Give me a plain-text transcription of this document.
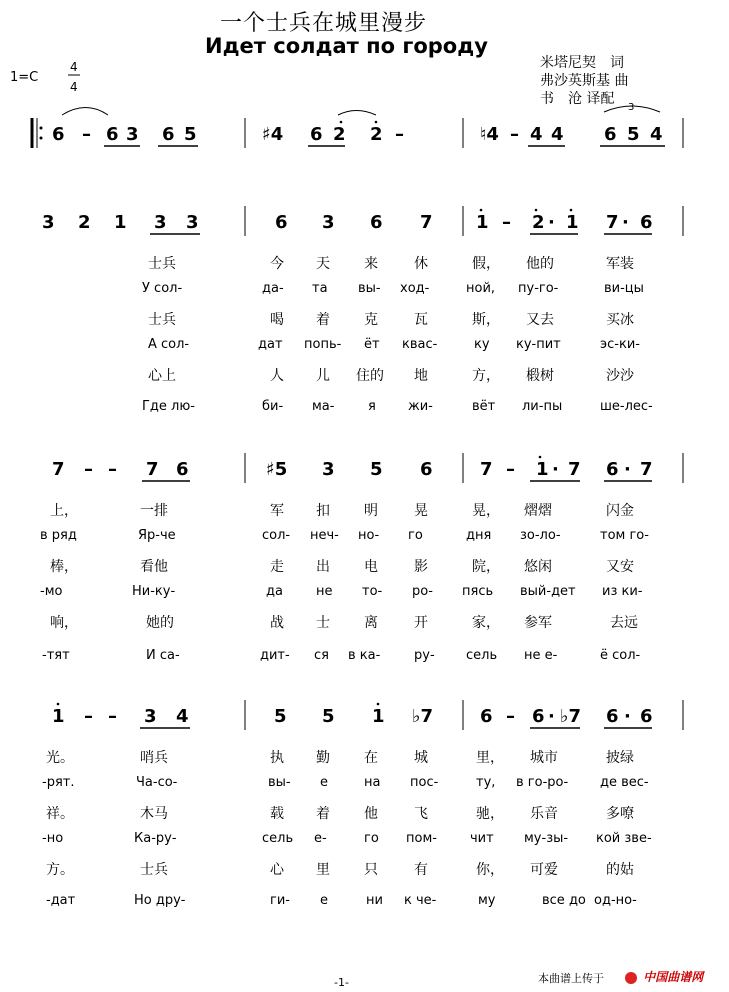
一个士兵在城里漫步
Идет солдат по городу
米塔尼契　词
弗沙英斯基 曲
书　沧 译配
1=C
4
4
3
6 – 6 3 6 5	♯4 6 2 2 –	♮4 – 4 4 6 5 4
3 2 1 3 3	6 3 6 7 1 – 2 · 1 7 · 6
士兵	今 天 来	休	假， 他的	军装
У сол-	да- та вы- ход-	ной, пу-го-	ви-цы
士兵	喝 着 克	瓦	斯， 又去	买冰
А сол-	дат попь- ёт квас-	ку ку-пит	эс-ки-
心上	人 儿 住的 地	方， 椴树	沙沙
Где лю-	би- ма-	я жи-	вёт ли-пы	ше-лес-
7 – – 7 6	♯5 3 5 6	7 – 1 · 7 6 · 7
上，	一排	军 扣 明	晃	晃， 熠熠	闪金
в ряд	Яр-че	сол- неч- но- го	дня зо-ло-	том го-
棒，	看他	走 出 电	影	院， 悠闲	又安
-мо	Ни-ку-	да	не то- ро- пясь вый-дет из ки-
响，	她的	战 士 离	开	家， 参军	去远
-тят	И са-	дит- ся в ка-	ру- сель не е-	ё сол-
1 – – 3 4	5 5 1 ♭7	6 – 6 · ♭7 6 · 6
光。	哨兵	执 勤 在	城	里， 城市	披绿
-рят.	Ча-со-	вы- е	на пос-	ту, в го-ро- де вес-
祥。	木马	载 着 他	飞	驰， 乐音	多嘹
-но	Ка-ру-	сель е-	го пом-	чит му-зы- кой зве-
方。	士兵	心 里 只	有	你， 可爱	的姑
-дат	Но дру-	ги- е	ни к че-	му	все до од-но-
-1-	本曲谱上传于	中国曲谱网
